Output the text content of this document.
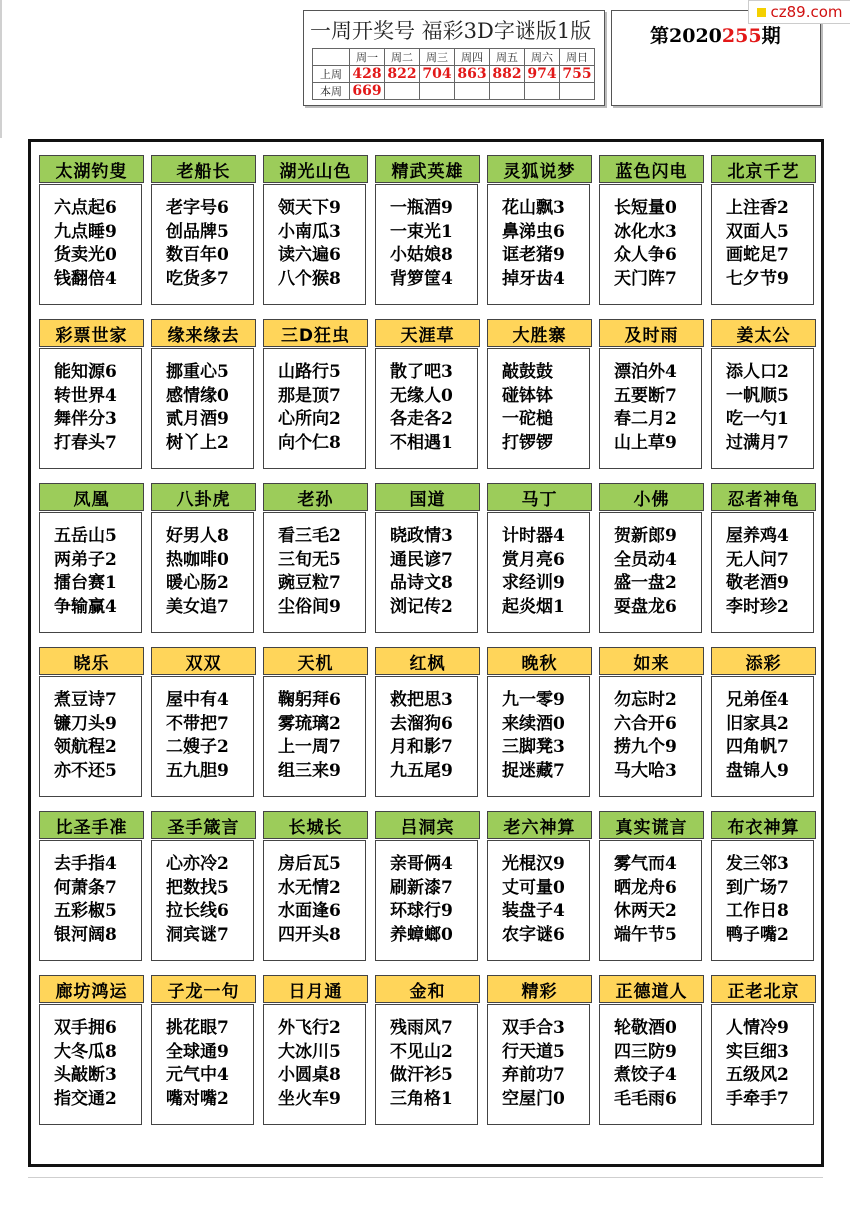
一周开奖号 福彩3D字谜版1版
	周一	周二	周三	周四	周五	周六	周日
上周	428	822	704	863	882	974	755
本周	669						
第2020255期
cz89.com
太湖钓叟
六点起6
九点睡9
货卖光0
钱翻倍4
老船长
老字号6
创品牌5
数百年0
吃货多7
湖光山色
领天下9
小南瓜3
读六遍6
八个猴8
精武英雄
一瓶酒9
一束光1
小姑娘8
背箩筐4
灵狐说梦
花山飘3
鼻涕虫6
诓老猪9
掉牙齿4
蓝色闪电
长短量0
冰化水3
众人争6
天门阵7
北京千艺
上注香2
双面人5
画蛇足7
七夕节9
彩票世家
能知源6
转世界4
舞伴分3
打春头7
缘来缘去
挪重心5
感情缘0
贰月酒9
树丫上2
三D狂虫
山路行5
那是顶7
心所向2
向个仁8
天涯草
散了吧3
无缘人0
各走各2
不相遇1
大胜寨
敲鼓鼓
碰钵钵
一砣槌
打锣锣
及时雨
漂泊外4
五要断7
春二月2
山上草9
姜太公
添人口2
一帆顺5
吃一勺1
过满月7
凤凰
五岳山5
两弟子2
擂台赛1
争输赢4
八卦虎
好男人8
热咖啡0
暖心肠2
美女追7
老孙
看三毛2
三旬无5
豌豆粒7
尘俗间9
国道
晓政情3
通民谚7
品诗文8
浏记传2
马丁
计时器4
赏月亮6
求经训9
起炎烟1
小佛
贺新郎9
全员动4
盛一盘2
耍盘龙6
忍者神龟
屋养鸡4
无人问7
敬老酒9
李时珍2
晓乐
煮豆诗7
镰刀头9
领航程2
亦不还5
双双
屋中有4
不带把7
二嫂子2
五九胆9
天机
鞠躬拜6
雾琉璃2
上一周7
组三来9
红枫
救把思3
去溜狗6
月和影7
九五尾9
晚秋
九一零9
来续酒0
三脚凳3
捉迷藏7
如来
勿忘时2
六合开6
捞九个9
马大哈3
添彩
兄弟侄4
旧家具2
四角帆7
盘锦人9
比圣手准
去手指4
何萧条7
五彩椒5
银河阔8
圣手箴言
心亦冷2
把数找5
拉长线6
洞宾谜7
长城长
房后瓦5
水无情2
水面逢6
四开头8
吕洞宾
亲哥俩4
刷新漆7
环球行9
养蟑螂0
老六神算
光棍汉9
丈可量0
装盘子4
农字谜6
真实谎言
雾气而4
晒龙舟6
休两天2
端午节5
布衣神算
发三邻3
到广场7
工作日8
鸭子嘴2
廊坊鸿运
双手拥6
大冬瓜8
头敲断3
指交通2
子龙一句
挑花眼7
全球通9
元气中4
嘴对嘴2
日月通
外飞行2
大冰川5
小圆桌8
坐火车9
金和
残雨风7
不见山2
做汗衫5
三角格1
精彩
双手合3
行天道5
弃前功7
空屋门0
正德道人
轮敬酒0
四三防9
煮饺子4
毛毛雨6
正老北京
人情冷9
实巨细3
五级风2
手牵手7
